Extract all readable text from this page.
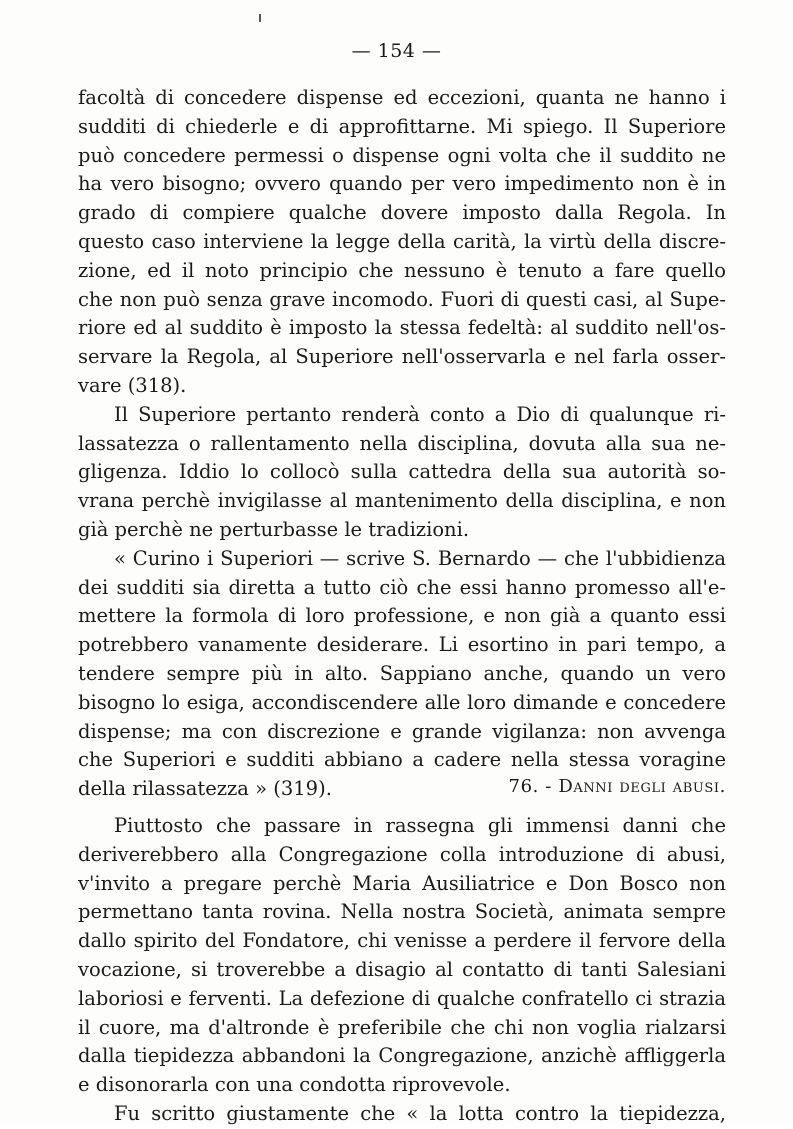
— 154 —
facoltà di concedere dispense ed eccezioni, quanta ne hanno i
sudditi di chiederle e di approfittarne. Mi spiego. Il Superiore
può concedere permessi o dispense ogni volta che il suddito ne
ha vero bisogno; ovvero quando per vero impedimento non è in
grado di compiere qualche dovere imposto dalla Regola. In
questo caso interviene la legge della carità, la virtù della discre-
zione, ed il noto principio che nessuno è tenuto a fare quello
che non può senza grave incomodo. Fuori di questi casi, al Supe-
riore ed al suddito è imposto la stessa fedeltà: al suddito nell'os-
servare la Regola, al Superiore nell'osservarla e nel farla osser-
vare (318).
Il Superiore pertanto renderà conto a Dio di qualunque ri-
lassatezza o rallentamento nella disciplina, dovuta alla sua ne-
gligenza. Iddio lo collocò sulla cattedra della sua autorità so-
vrana perchè invigilasse al mantenimento della disciplina, e non
già perchè ne perturbasse le tradizioni.
« Curino i Superiori — scrive S. Bernardo — che l'ubbidienza
dei sudditi sia diretta a tutto ciò che essi hanno promesso all'e-
mettere la formola di loro professione, e non già a quanto essi
potrebbero vanamente desiderare. Li esortino in pari tempo, a
tendere sempre più in alto. Sappiano anche, quando un vero
bisogno lo esiga, accondiscendere alle loro dimande e concedere
dispense; ma con discrezione e grande vigilanza: non avvenga
che Superiori e sudditi abbiano a cadere nella stessa voragine
della rilassatezza » (319).	76. - Danni degli abusi.
Piuttosto che passare in rassegna gli immensi danni che
deriverebbero alla Congregazione colla introduzione di abusi,
v'invito a pregare perchè Maria Ausiliatrice e Don Bosco non
permettano tanta rovina. Nella nostra Società, animata sempre
dallo spirito del Fondatore, chi venisse a perdere il fervore della
vocazione, si troverebbe a disagio al contatto di tanti Salesiani
laboriosi e ferventi. La defezione di qualche confratello ci strazia
il cuore, ma d'altronde è preferibile che chi non voglia rialzarsi
dalla tiepidezza abbandoni la Congregazione, anzichè affliggerla
e disonorarla con una condotta riprovevole.
Fu scritto giustamente che « la lotta contro la tiepidezza,
